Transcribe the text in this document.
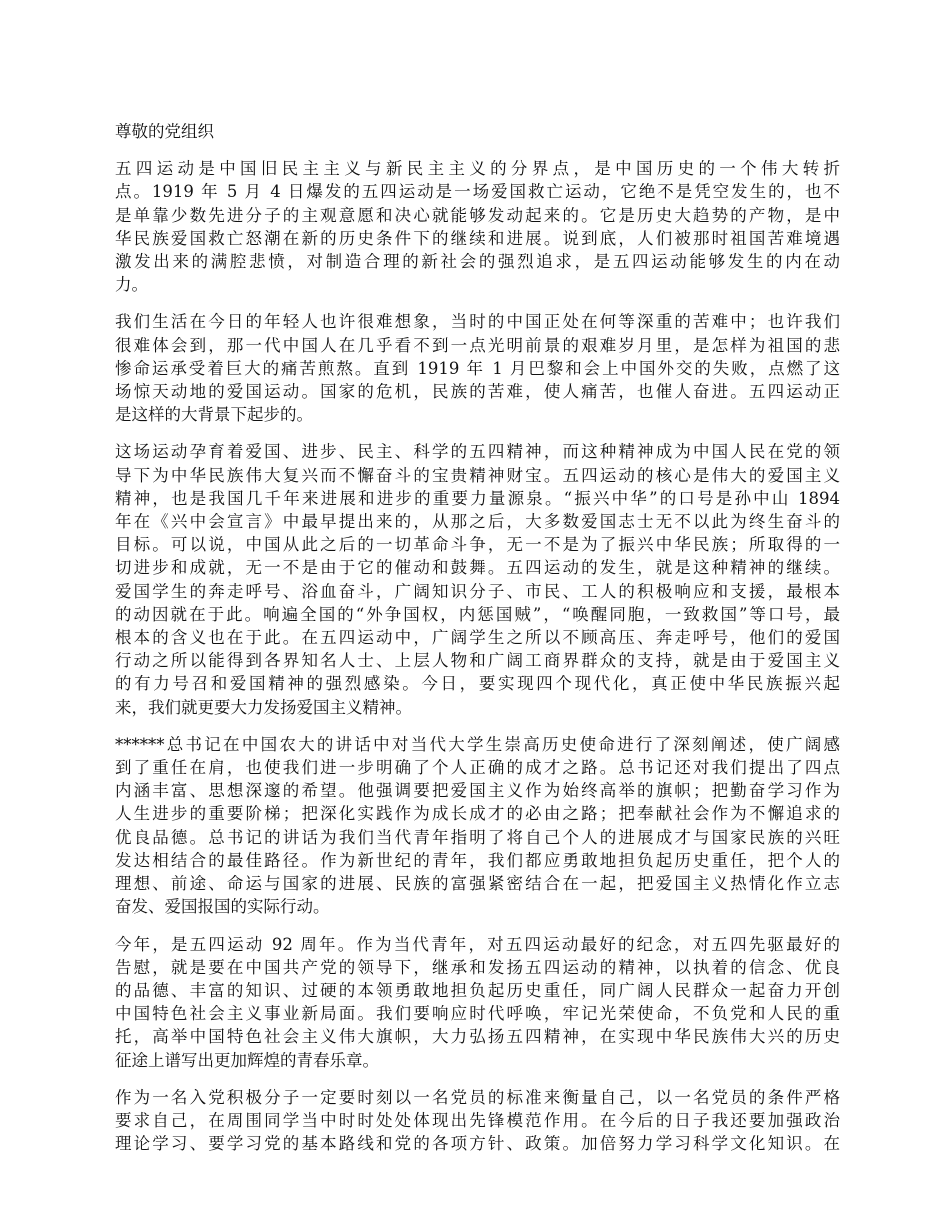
尊敬的党组织
五四运动是中国旧民主主义与新民主主义的分界点，是中国历史的一个伟大转折
点。1919 年 5 月 4 日爆发的五四运动是一场爱国救亡运动，它绝不是凭空发生的，也不
是单靠少数先进分子的主观意愿和决心就能够发动起来的。它是历史大趋势的产物，是中
华民族爱国救亡怒潮在新的历史条件下的继续和进展。说到底，人们被那时祖国苦难境遇
激发出来的满腔悲愤，对制造合理的新社会的强烈追求，是五四运动能够发生的内在动
力。
我们生活在今日的年轻人也许很难想象，当时的中国正处在何等深重的苦难中；也许我们
很难体会到，那一代中国人在几乎看不到一点光明前景的艰难岁月里，是怎样为祖国的悲
惨命运承受着巨大的痛苦煎熬。直到 1919 年 1 月巴黎和会上中国外交的失败，点燃了这
场惊天动地的爱国运动。国家的危机，民族的苦难，使人痛苦，也催人奋进。五四运动正
是这样的大背景下起步的。
这场运动孕育着爱国、进步、民主、科学的五四精神，而这种精神成为中国人民在党的领
导下为中华民族伟大复兴而不懈奋斗的宝贵精神财宝。五四运动的核心是伟大的爱国主义
精神，也是我国几千年来进展和进步的重要力量源泉。“振兴中华”的口号是孙中山 1894
年在《兴中会宣言》中最早提出来的，从那之后，大多数爱国志士无不以此为终生奋斗的
目标。可以说，中国从此之后的一切革命斗争，无一不是为了振兴中华民族；所取得的一
切进步和成就，无一不是由于它的催动和鼓舞。五四运动的发生，就是这种精神的继续。
爱国学生的奔走呼号、浴血奋斗，广阔知识分子、市民、工人的积极响应和支援，最根本
的动因就在于此。响遍全国的“外争国权，内惩国贼”，“唤醒同胞，一致救国”等口号，最
根本的含义也在于此。在五四运动中，广阔学生之所以不顾高压、奔走呼号，他们的爱国
行动之所以能得到各界知名人士、上层人物和广阔工商界群众的支持，就是由于爱国主义
的有力号召和爱国精神的强烈感染。今日，要实现四个现代化，真正使中华民族振兴起
来，我们就更要大力发扬爱国主义精神。
******总书记在中国农大的讲话中对当代大学生崇高历史使命进行了深刻阐述，使广阔感
到了重任在肩，也使我们进一步明确了个人正确的成才之路。总书记还对我们提出了四点
内涵丰富、思想深邃的希望。他强调要把爱国主义作为始终高举的旗帜；把勤奋学习作为
人生进步的重要阶梯；把深化实践作为成长成才的必由之路；把奉献社会作为不懈追求的
优良品德。总书记的讲话为我们当代青年指明了将自己个人的进展成才与国家民族的兴旺
发达相结合的最佳路径。作为新世纪的青年，我们都应勇敢地担负起历史重任，把个人的
理想、前途、命运与国家的进展、民族的富强紧密结合在一起，把爱国主义热情化作立志
奋发、爱国报国的实际行动。
今年，是五四运动 92 周年。作为当代青年，对五四运动最好的纪念，对五四先驱最好的
告慰，就是要在中国共产党的领导下，继承和发扬五四运动的精神，以执着的信念、优良
的品德、丰富的知识、过硬的本领勇敢地担负起历史重任，同广阔人民群众一起奋力开创
中国特色社会主义事业新局面。我们要响应时代呼唤，牢记光荣使命，不负党和人民的重
托，高举中国特色社会主义伟大旗帜，大力弘扬五四精神，在实现中华民族伟大兴的历史
征途上谱写出更加辉煌的青春乐章。
作为一名入党积极分子一定要时刻以一名党员的标准来衡量自己，以一名党员的条件严格
要求自己，在周围同学当中时时处处体现出先锋模范作用。在今后的日子我还要加强政治
理论学习、要学习党的基本路线和党的各项方针、政策。加倍努力学习科学文化知识。在
